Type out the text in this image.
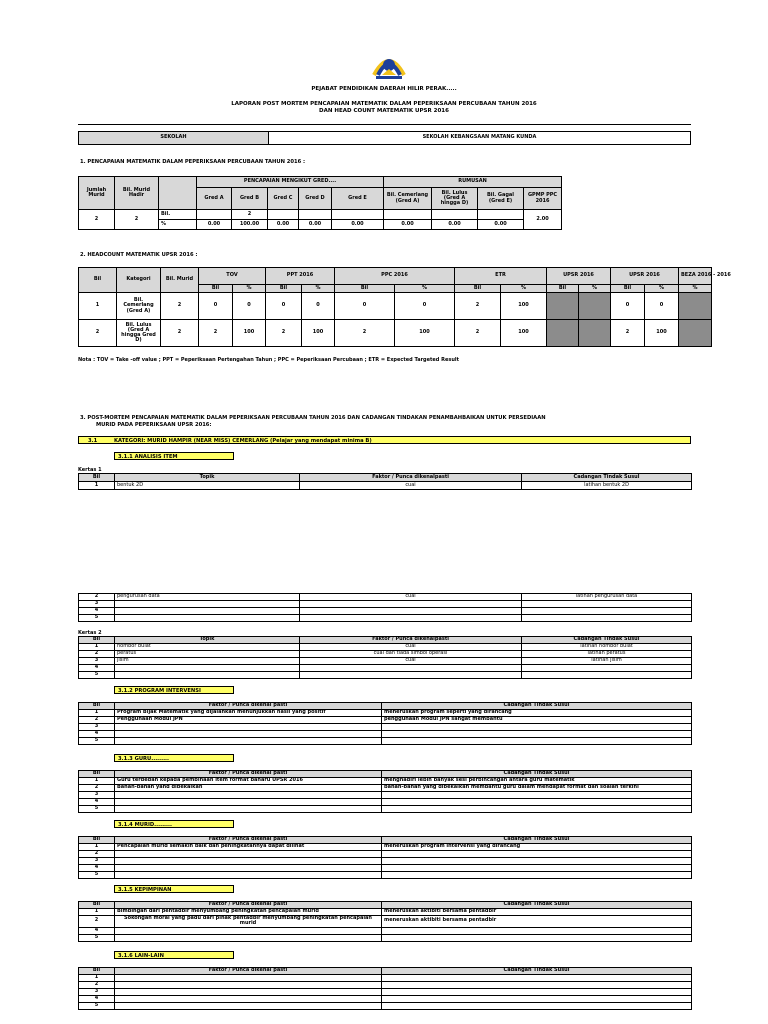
PEJABAT PENDIDIKAN DAERAH HILIR PERAK.....
LAPORAN POST MORTEM PENCAPAIAN MATEMATIK DALAM PEPERIKSAAN PERCUBAAN TAHUN 2016
DAN HEAD COUNT MATEMATIK UPSR 2016
SEKOLAH	SEKOLAH KEBANGSAAN MATANG KUNDA
1. PENCAPAIAN MATEMATIK DALAM PEPERIKSAAN PERCUBAAN TAHUN 2016 :
Jumlah Murid	Bil. Murid Hadir		PENCAPAIAN MENGIKUT GRED....					RUMUSAN			
			Gred A	Gred B	Gred C	Gred D	Gred E	Bil. Cemerlang (Gred A)	Bil. Lulus (Gred A hingga D)	Bil. Gagal (Gred E)	GPMP PPC 2016
2	2	Bil.		2							2.00
		%	0.00	100.00	0.00	0.00	0.00	0.00	0.00	0.00	
2. HEADCOUNT MATEMATIK UPSR 2016 :
Bil	Kategori	Bil. Murid	TOV		PPT 2016		PPC 2016		ETR		UPSR 2016		UPSR 2016		BEZA 2016 - 2016
			Bil	%	Bil	%	Bil	%	Bil	%	Bil	%	Bil	%	%
1	Bil. Cemerlang (Gred A)	2	0	0	0	0	0	0	2	100			0	0	
2	Bil. Lulus (Gred A hingga Gred D)	2	2	100	2	100	2	100	2	100			2	100	
Nota : TOV = Take -off value ; PPT = Peperiksaan Pertengahan Tahun ; PPC = Peperiksaan Percubaan ; ETR = Expected Targeted Result
3. POST-MORTEM PENCAPAIAN MATEMATIK DALAM PEPERIKSAAN PERCUBAAN TAHUN 2016 DAN CADANGAN TINDAKAN PENAMBAHBAIKAN UNTUK PERSEDIAAN
MURID PADA PEPERIKSAAN UPSR 2016:
3.1	KATEGORI: MURID HAMPIR (NEAR MISS) CEMERLANG (Pelajar yang mendapat minima B)
3.1.1 ANALISIS ITEM
Kertas 1
Bil	Topik	Faktor / Punca dikenalpasti	Cadangan Tindak Susul
1	bentuk 2D	cuai	latihan bentuk 2D
2	pengurusan data	cuai	latihan pengurusan data
3			
4			
5			
Kertas 2
Bil	Topik	Faktor / Punca dikenalpasti	Cadangan Tindak Susul
1	nombor bulat	cuai	latihan nombor bulat
2	peratus	cuai dan tiada simbol operasi	latihan peratus
3	jisim	cuai	latihan jisim
4			
5			
3.1.2 PROGRAM INTERVENSI
Bil	Faktor / Punca dikenal pasti	Cadangan Tindak Susul
1	Program Bijak Matematik yang dijalankan menunjukkan hasil yang positif	meneruskan program seperti yang dirancang
2	Penggunaan Modul JPN	penggunaan Modul JPN sangat membantu
3		
4		
5		
3.1.3 GURU.........
Bil	Faktor / Punca dikenal pasti	Cadangan Tindak Susul
1	Guru terdedah kepada pembinaan item format baharu UPSR 2016	menghadiri lebih banyak sesi perbincangan antara guru matematik
2	Bahan-bahan yand dibekalkan	bahan-bahan yang dibekalkan membantu guru dalam mendapat format dan soalan terkini
3		
4		
5		
3.1.4 MURID.........
Bil	Faktor / Punca dikenal pasti	Cadangan Tindak Susul
1	Pencapaian murid semakin baik dan peningkatannya dapat dilihat	meneruskan program intervensi yang dirancang
2		
3		
4		
5		
3.1.5 KEPIMPINAN
Bil	Faktor / Punca dikenal pasti	Cadangan Tindak Susul
1	Bimbingan dari pentadbir menyumbang peningkatan pencapaian murid	meneruskan aktibiti bersama pentadbir
2	Sokongan moral yang padu dari pihak pentadbir menyumbang peningkatan pencapaian murid	meneruskan aktibiti bersama pentadbir
4		
5		
3.1.6 LAIN-LAIN
Bil	Faktor / Punca dikenal pasti	Cadangan Tindak Susul
1		
2		
3		
4		
5		
